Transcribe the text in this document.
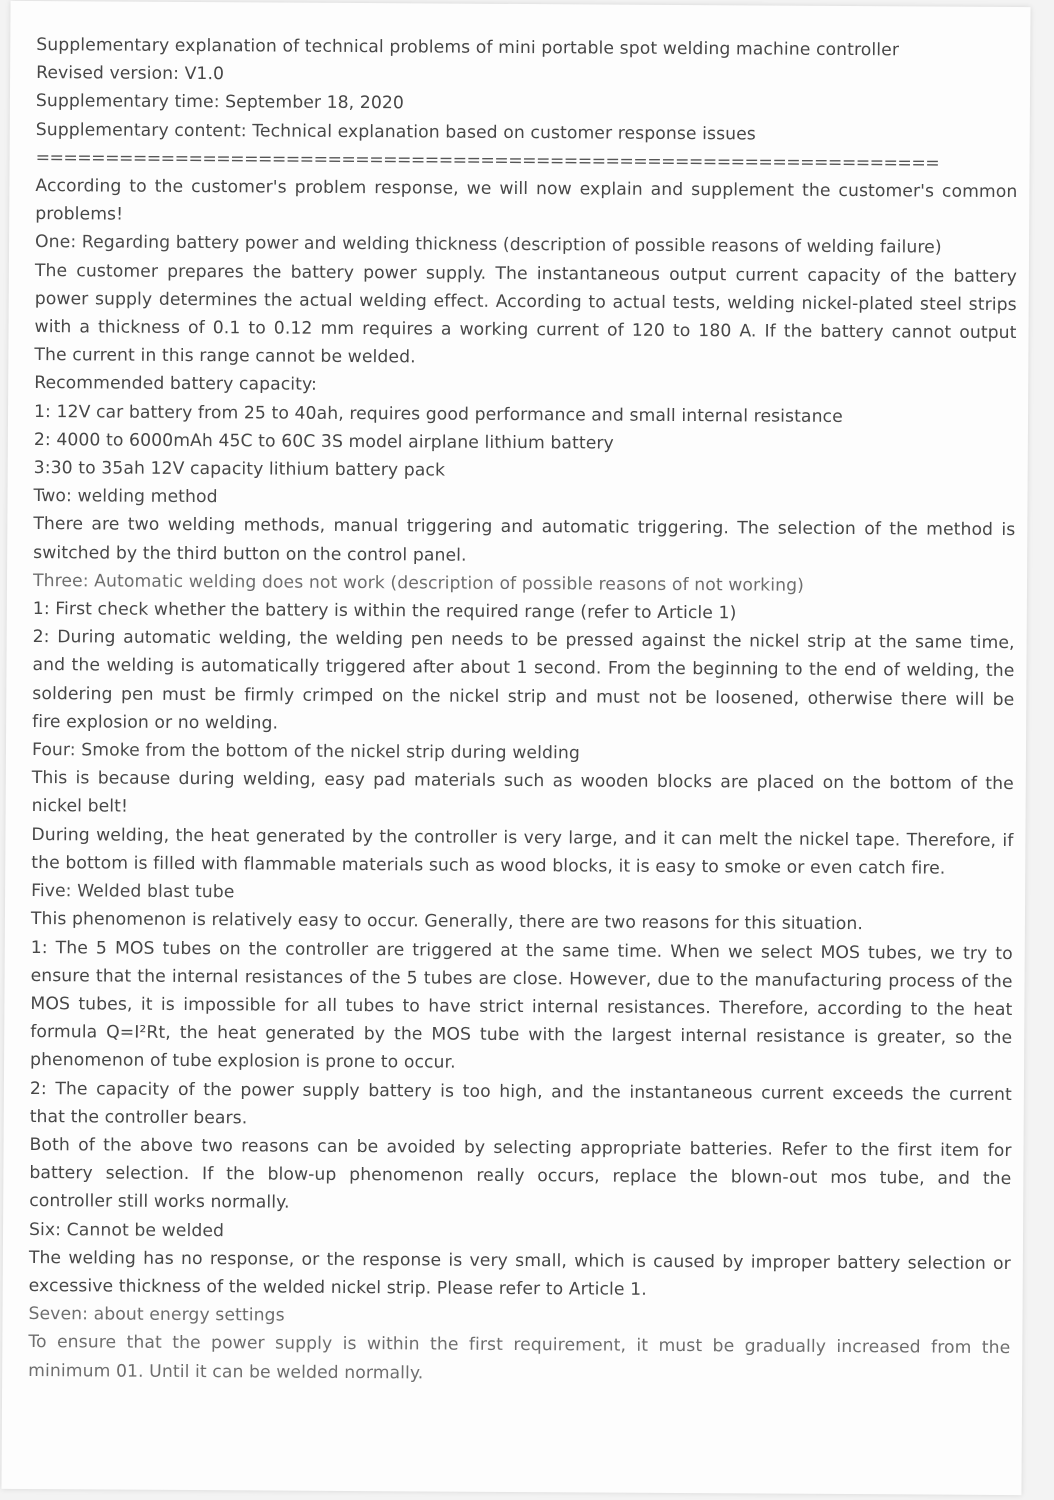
Supplementary explanation of technical problems of mini portable spot welding machine controller
Revised version: V1.0
Supplementary time: September 18, 2020
Supplementary content: Technical explanation based on customer response issues
=================================================================
According to the customer's problem response, we will now explain and supplement the customer's common
problems!
One: Regarding battery power and welding thickness (description of possible reasons of welding failure)
The customer prepares the battery power supply. The instantaneous output current capacity of the battery
power supply determines the actual welding effect. According to actual tests, welding nickel-plated steel strips
with a thickness of 0.1 to 0.12 mm requires a working current of 120 to 180 A. If the battery cannot output
The current in this range cannot be welded.
Recommended battery capacity:
1: 12V car battery from 25 to 40ah, requires good performance and small internal resistance
2: 4000 to 6000mAh 45C to 60C 3S model airplane lithium battery
3:30 to 35ah 12V capacity lithium battery pack
Two: welding method
There are two welding methods, manual triggering and automatic triggering. The selection of the method is
switched by the third button on the control panel.
Three: Automatic welding does not work (description of possible reasons of not working)
1: First check whether the battery is within the required range (refer to Article 1)
2: During automatic welding, the welding pen needs to be pressed against the nickel strip at the same time,
and the welding is automatically triggered after about 1 second. From the beginning to the end of welding, the
soldering pen must be firmly crimped on the nickel strip and must not be loosened, otherwise there will be
fire explosion or no welding.
Four: Smoke from the bottom of the nickel strip during welding
This is because during welding, easy pad materials such as wooden blocks are placed on the bottom of the
nickel belt!
During welding, the heat generated by the controller is very large, and it can melt the nickel tape. Therefore, if
the bottom is filled with flammable materials such as wood blocks, it is easy to smoke or even catch fire.
Five: Welded blast tube
This phenomenon is relatively easy to occur. Generally, there are two reasons for this situation.
1: The 5 MOS tubes on the controller are triggered at the same time. When we select MOS tubes, we try to
ensure that the internal resistances of the 5 tubes are close. However, due to the manufacturing process of the
MOS tubes, it is impossible for all tubes to have strict internal resistances. Therefore, according to the heat
formula Q=I²Rt, the heat generated by the MOS tube with the largest internal resistance is greater, so the
phenomenon of tube explosion is prone to occur.
2: The capacity of the power supply battery is too high, and the instantaneous current exceeds the current
that the controller bears.
Both of the above two reasons can be avoided by selecting appropriate batteries. Refer to the first item for
battery selection. If the blow-up phenomenon really occurs, replace the blown-out mos tube, and the
controller still works normally.
Six: Cannot be welded
The welding has no response, or the response is very small, which is caused by improper battery selection or
excessive thickness of the welded nickel strip. Please refer to Article 1.
Seven: about energy settings
To ensure that the power supply is within the first requirement, it must be gradually increased from the
minimum 01. Until it can be welded normally.
